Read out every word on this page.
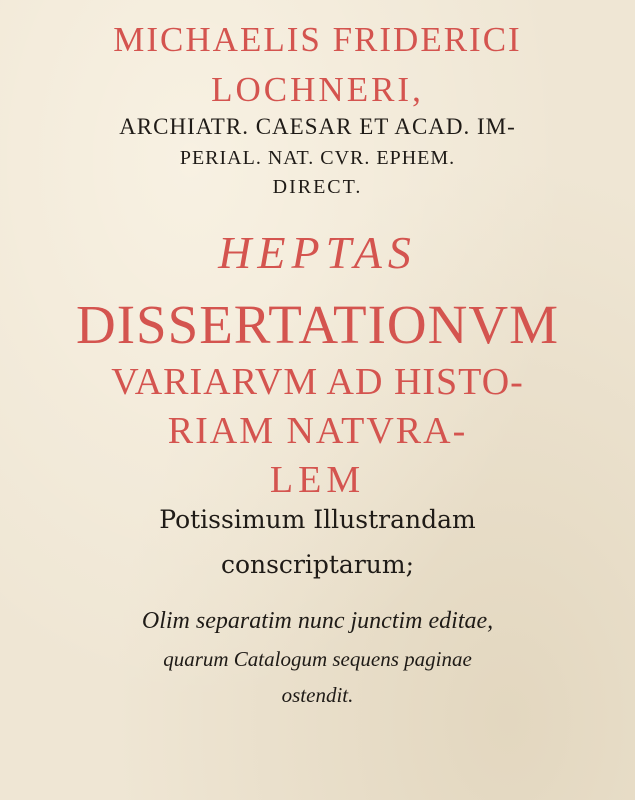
MICHAELIS FRIDERICI
LOCHNERI,
ARCHIATR. CAESAR ET ACAD. IM-
PERIAL. NAT. CVR. EPHEM.
DIRECT.
HEPTAS
DISSERTATIONVM
VARIARVM AD HISTO-
RIAM NATVRA-
LEM
Potissimum Illustrandam
conscriptarum;
Olim separatim nunc junctim editae,
quarum Catalogum sequens paginae
ostendit.
